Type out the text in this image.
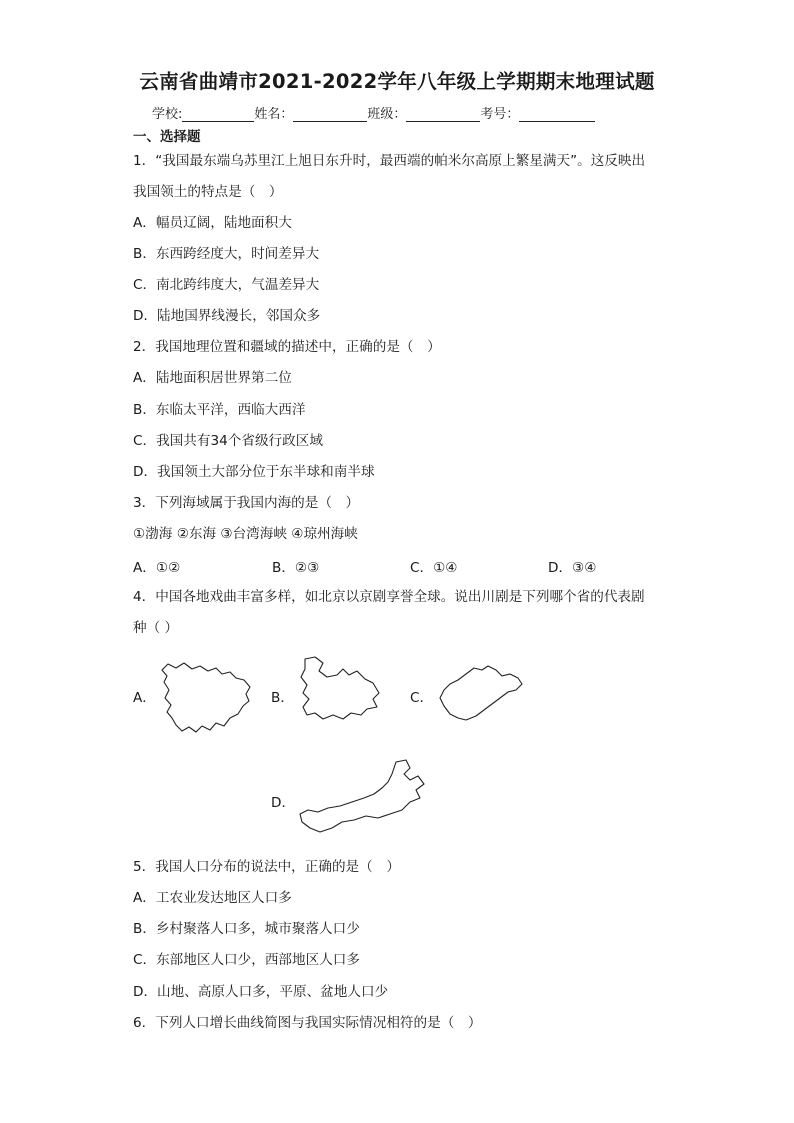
云南省曲靖市2021-2022学年八年级上学期期末地理试题
学校:	姓名：	班级：	考号：
一、选择题
1．“我国最东端乌苏里江上旭日东升时，最西端的帕米尔高原上繁星满天”。这反映出
我国领土的特点是（　）
A．幅员辽阔，陆地面积大
B．东西跨经度大，时间差异大
C．南北跨纬度大，气温差异大
D．陆地国界线漫长，邻国众多
2．我国地理位置和疆域的描述中，正确的是（　）
A．陆地面积居世界第二位
B．东临太平洋，西临大西洋
C．我国共有34个省级行政区域
D．我国领土大部分位于东半球和南半球
3．下列海域属于我国内海的是（　）
①渤海 ②东海 ③台湾海峡 ④琼州海峡
A．①②	B．②③	C．①④	D．③④
4．中国各地戏曲丰富多样，如北京以京剧享誉全球。说出川剧是下列哪个省的代表剧
种（ ）
A．	B．	C．
D．
5．我国人口分布的说法中，正确的是（　）
A．工农业发达地区人口多
B．乡村聚落人口多，城市聚落人口少
C．东部地区人口少，西部地区人口多
D．山地、高原人口多，平原、盆地人口少
6．下列人口增长曲线简图与我国实际情况相符的是（　）
